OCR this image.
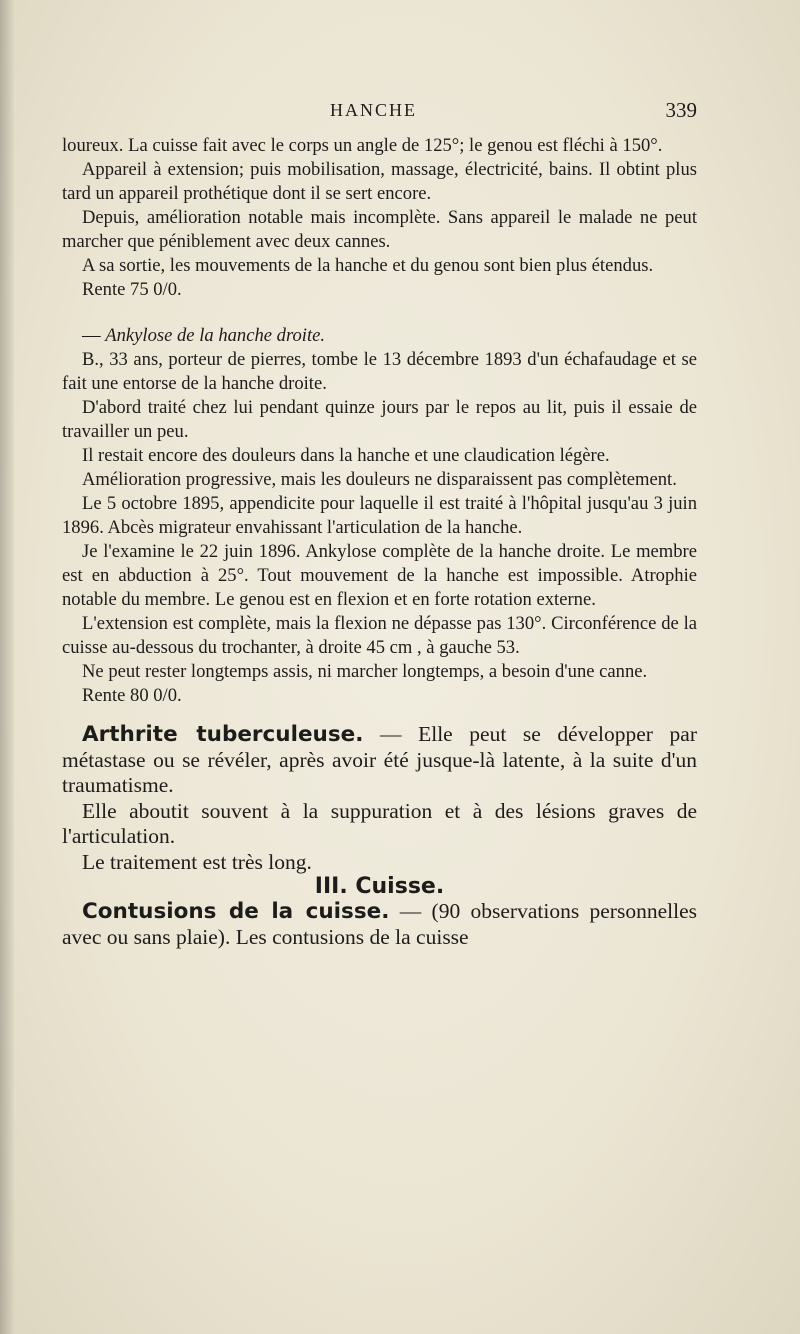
HANCHE	339

loureux. La cuisse fait avec le corps un angle de 125°; le genou est fléchi à 150°.

Appareil à extension; puis mobilisation, massage, électricité, bains. Il obtint plus tard un appareil prothétique dont il se sert encore.

Depuis, amélioration notable mais incomplète. Sans appareil le malade ne peut marcher que péniblement avec deux cannes.

A sa sortie, les mouvements de la hanche et du genou sont bien plus étendus.

Rente 75 0/0.

— Ankylose de la hanche droite.

B., 33 ans, porteur de pierres, tombe le 13 décembre 1893 d'un échafaudage et se fait une entorse de la hanche droite.

D'abord traité chez lui pendant quinze jours par le repos au lit, puis il essaie de travailler un peu.

Il restait encore des douleurs dans la hanche et une claudication légère.

Amélioration progressive, mais les douleurs ne disparaissent pas complètement.

Le 5 octobre 1895, appendicite pour laquelle il est traité à l'hôpital jusqu'au 3 juin 1896. Abcès migrateur envahissant l'articulation de la hanche.

Je l'examine le 22 juin 1896. Ankylose complète de la hanche droite. Le membre est en abduction à 25°. Tout mouvement de la hanche est impossible. Atrophie notable du membre. Le genou est en flexion et en forte rotation externe.

L'extension est complète, mais la flexion ne dépasse pas 130°. Circonférence de la cuisse au-dessous du trochanter, à droite 45 cm , à gauche 53.

Ne peut rester longtemps assis, ni marcher longtemps, a besoin d'une canne.

Rente 80 0/0.

Arthrite tuberculeuse. — Elle peut se développer par métastase ou se révéler, après avoir été jusque-là latente, à la suite d'un traumatisme.

Elle aboutit souvent à la suppuration et à des lésions graves de l'articulation.

Le traitement est très long.

III. Cuisse.

Contusions de la cuisse. — (90 observations personnelles avec ou sans plaie). Les contusions de la cuisse
